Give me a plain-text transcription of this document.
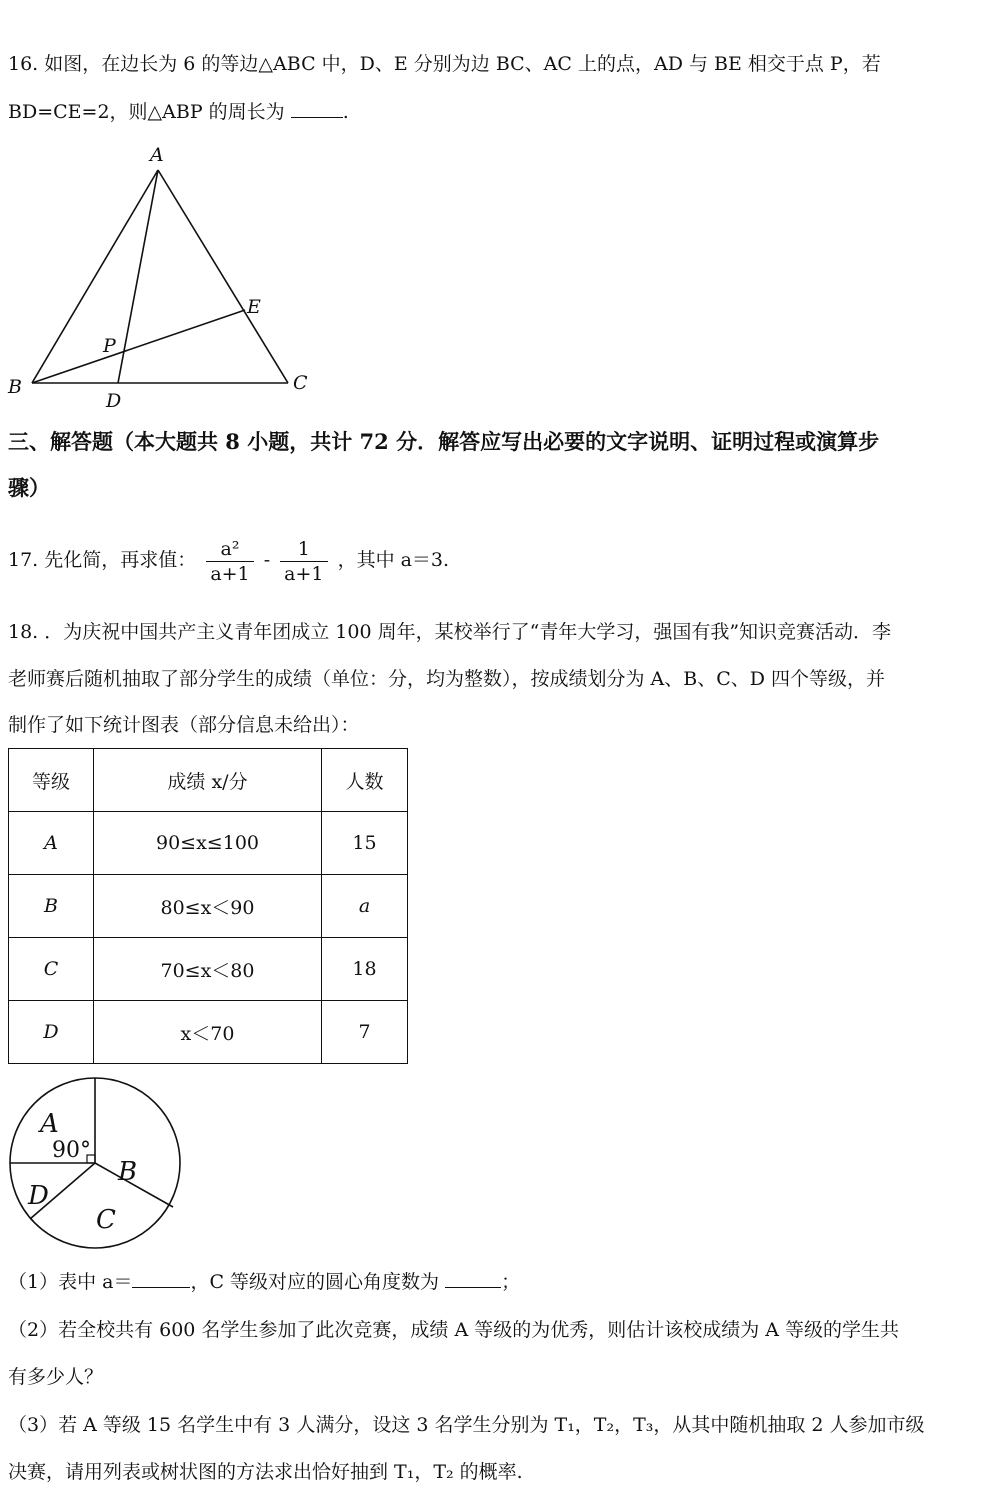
16. 如图，在边长为 6 的等边△ABC 中，D、E 分别为边 BC、AC 上的点，AD 与 BE 相交于点 P，若
BD=CE=2，则△ABP 的周长为	.
A
B	C
D
E
P
三、解答题（本大题共 8 小题，共计 72 分．解答应写出必要的文字说明、证明过程或演算步
骤）
17. 先化简，再求值： $\frac{\text{a²}}{a+1} - \frac{1}{a+1}$ ，其中 a＝3.
18. ．为庆祝中国共产主义青年团成立 100 周年，某校举行了“青年大学习，强国有我”知识竞赛活动．李
老师赛后随机抽取了部分学生的成绩（单位：分，均为整数），按成绩划分为 A、B、C、D 四个等级，并
制作了如下统计图表（部分信息未给出）：
等级	成绩 x/分	人数
A	90≤x≤100	15
B	80≤x＜90	a
C	70≤x＜80	18
D	x＜70	7
A
B
C
D
90°
（1）表中 a＝	，C 等级对应的圆心角度数为	；
（2）若全校共有 600 名学生参加了此次竞赛，成绩 A 等级的为优秀，则估计该校成绩为 A 等级的学生共
有多少人？
（3）若 A 等级 15 名学生中有 3 人满分，设这 3 名学生分别为 T₁，T₂，T₃，从其中随机抽取 2 人参加市级
决赛，请用列表或树状图的方法求出恰好抽到 T₁，T₂ 的概率.
